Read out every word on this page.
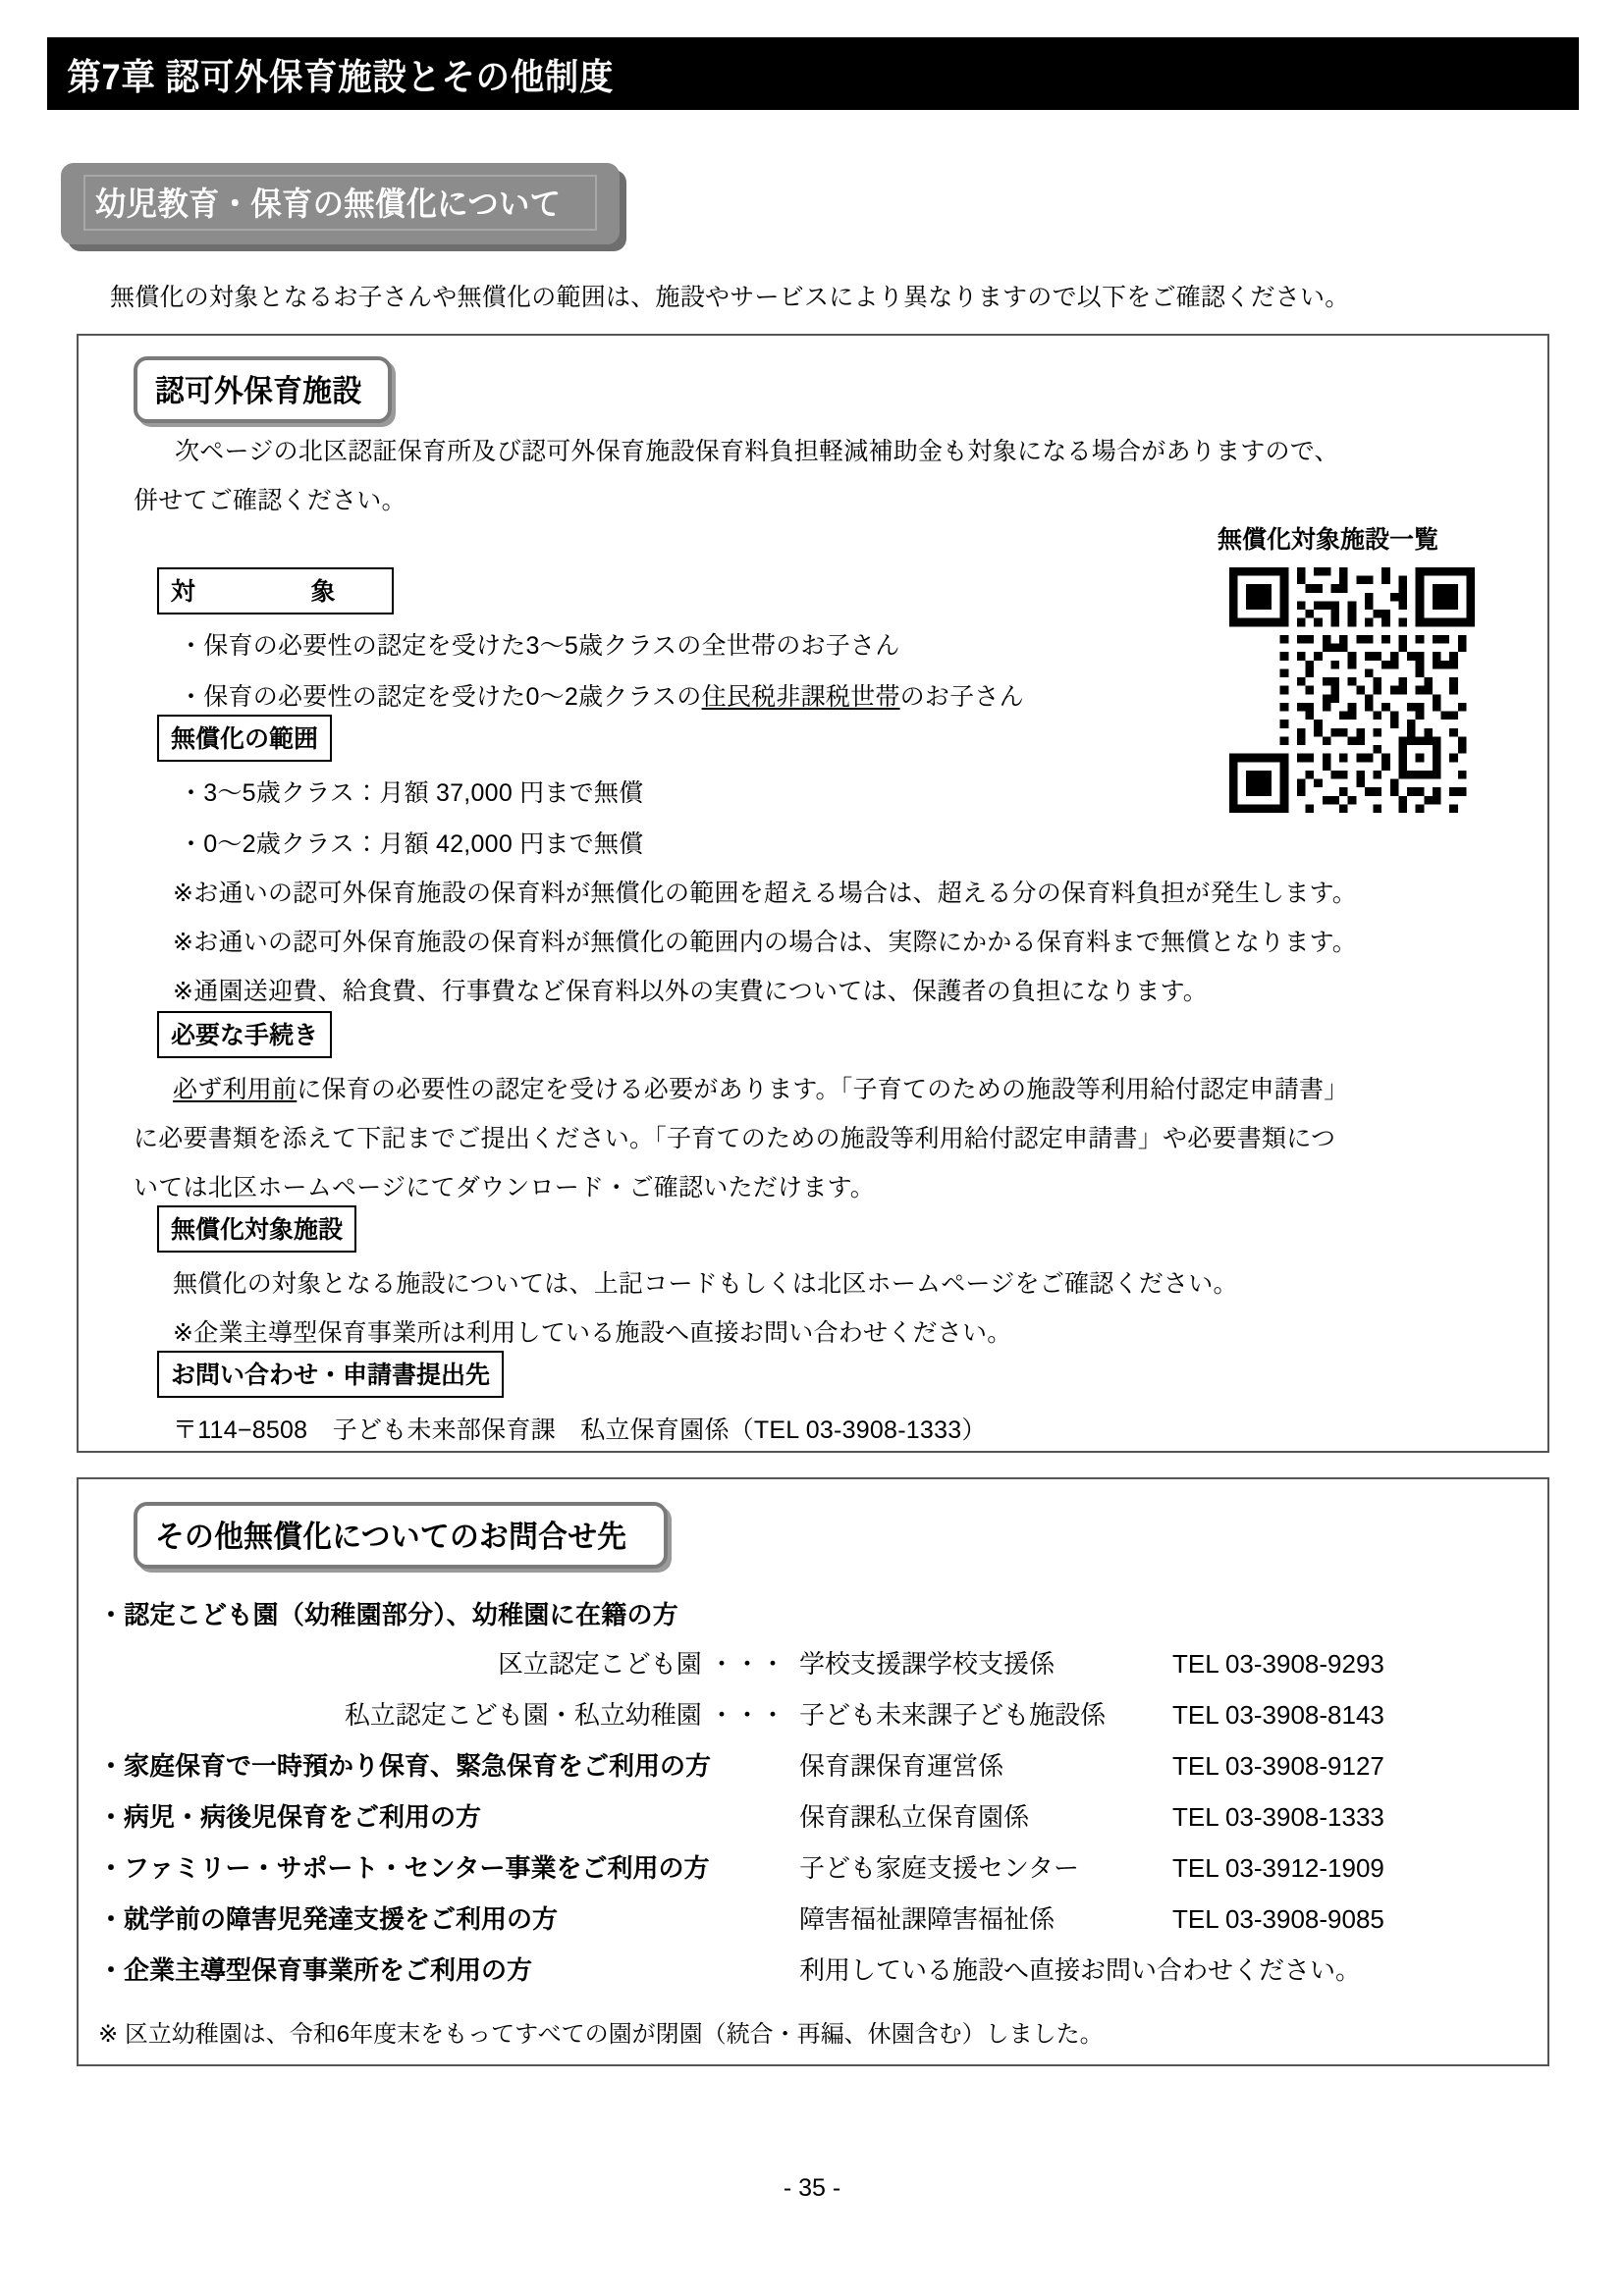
第7章 認可外保育施設とその他制度
幼児教育・保育の無償化について
無償化の対象となるお子さんや無償化の範囲は、施設やサービスにより異なりますので以下をご確認ください。
認可外保育施設
次ページの北区認証保育所及び認可外保育施設保育料負担軽減補助金も対象になる場合がありますので、
併せてご確認ください。
無償化対象施設一覧
対　　象
・保育の必要性の認定を受けた3〜5歳クラスの全世帯のお子さん
・保育の必要性の認定を受けた0〜2歳クラスの住民税非課税世帯のお子さん
無償化の範囲
・3〜5歳クラス：月額 37,000 円まで無償
・0〜2歳クラス：月額 42,000 円まで無償
※お通いの認可外保育施設の保育料が無償化の範囲を超える場合は、超える分の保育料負担が発生します。
※お通いの認可外保育施設の保育料が無償化の範囲内の場合は、実際にかかる保育料まで無償となります。
※通園送迎費、給食費、行事費など保育料以外の実費については、保護者の負担になります。
必要な手続き
必ず利用前に保育の必要性の認定を受ける必要があります。「子育てのための施設等利用給付認定申請書」
に必要書類を添えて下記までご提出ください。「子育てのための施設等利用給付認定申請書」や必要書類につ
いては北区ホームページにてダウンロード・ご確認いただけます。
無償化対象施設
無償化の対象となる施設については、上記コードもしくは北区ホームページをご確認ください。
※企業主導型保育事業所は利用している施設へ直接お問い合わせください。
お問い合わせ・申請書提出先
〒114−8508　子ども未来部保育課　私立保育園係（TEL 03-3908-1333）
その他無償化についてのお問合せ先
・認定こども園（幼稚園部分）、幼稚園に在籍の方
区立認定こども園 ・・・ 学校支援課学校支援係	TEL 03-3908-9293
私立認定こども園・私立幼稚園 ・・・ 子ども未来課子ども施設係	TEL 03-3908-8143
・家庭保育で一時預かり保育、緊急保育をご利用の方	保育課保育運営係	TEL 03-3908-9127
・病児・病後児保育をご利用の方	保育課私立保育園係	TEL 03-3908-1333
・ファミリー・サポート・センター事業をご利用の方	子ども家庭支援センター	TEL 03-3912-1909
・就学前の障害児発達支援をご利用の方	障害福祉課障害福祉係	TEL 03-3908-9085
・企業主導型保育事業所をご利用の方	利用している施設へ直接お問い合わせください。
※ 区立幼稚園は、令和6年度末をもってすべての園が閉園（統合・再編、休園含む）しました。
- 35 -
